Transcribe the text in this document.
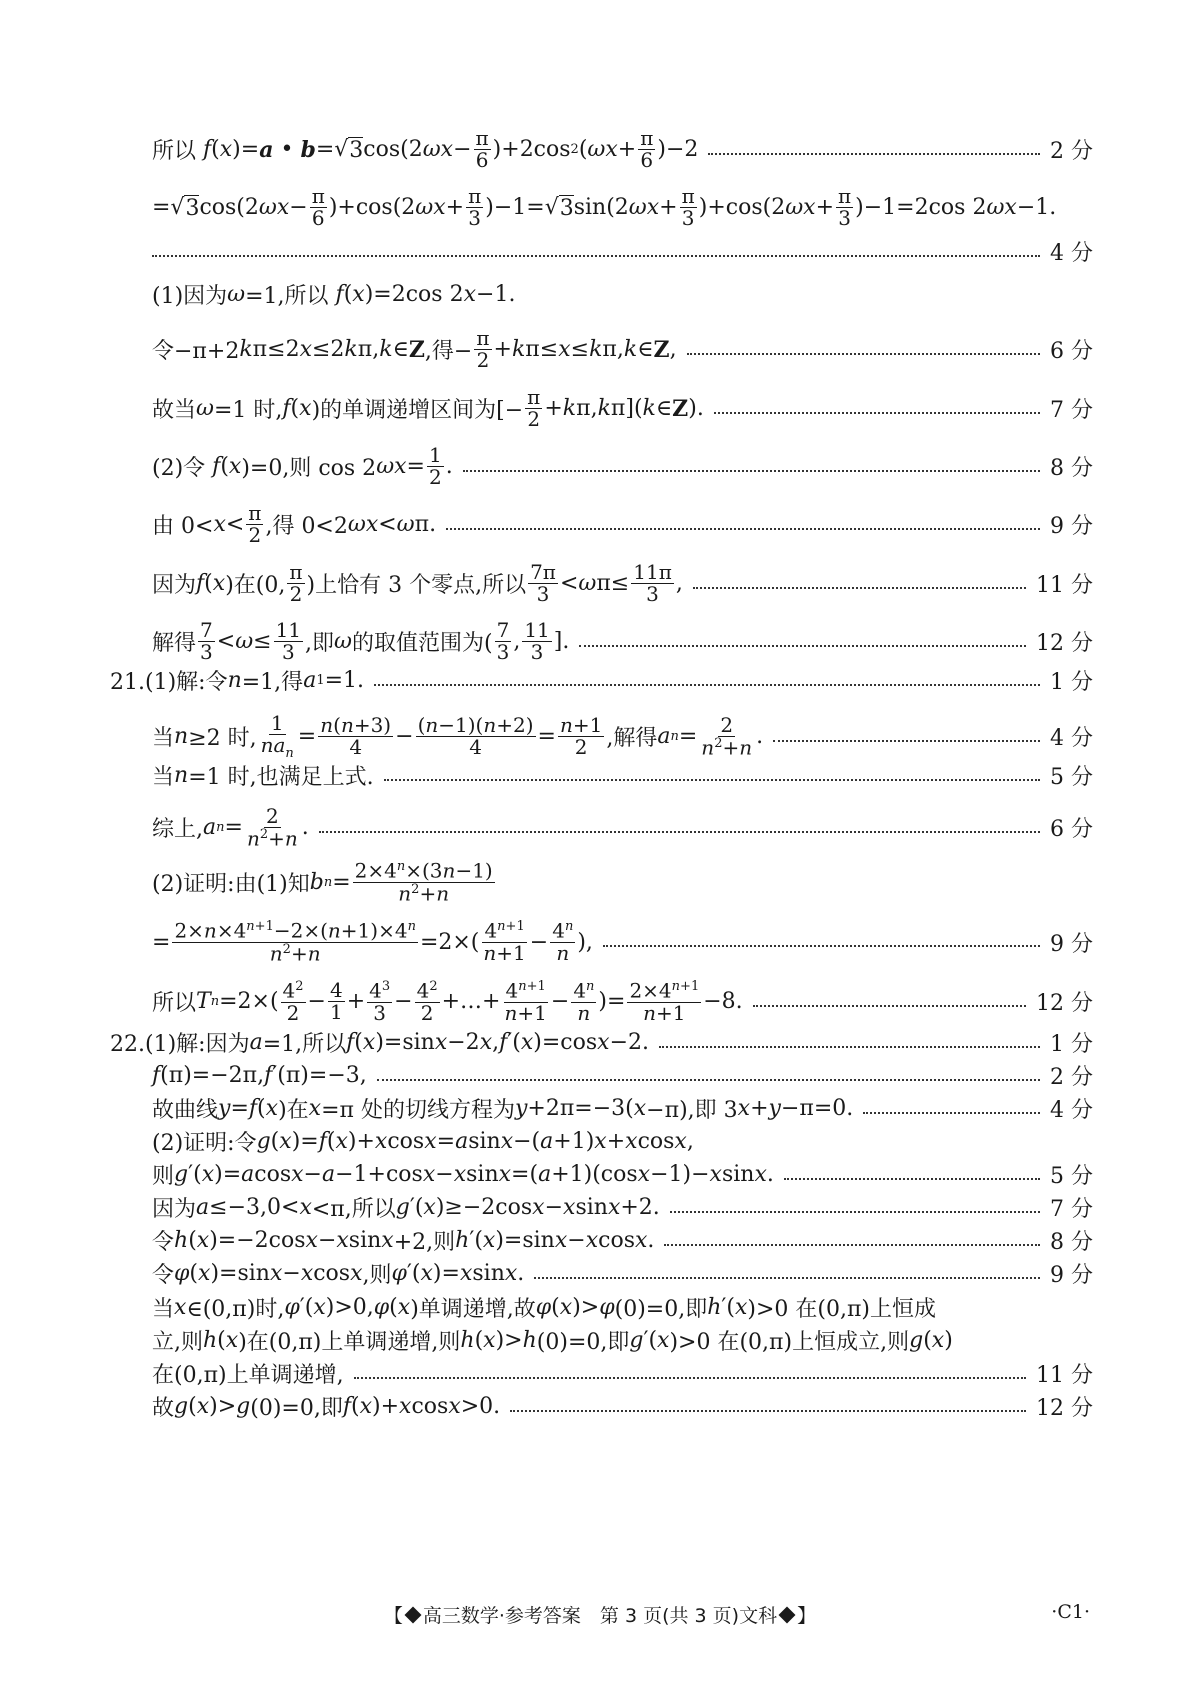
所以 f ( x )= a • b =√ 3 cos(2 $\omega x - \frac{\pi}{6} )+2\cos$ 2 ( $\omega x + \frac{\pi}{6} )-2$	2 分
=√ 3 cos(2 $\omega x - \frac{\pi}{6} )+\cos(2$ $\omega x + \frac{\pi}{3} )-1=√$ 3 sin(2 $\omega x + \frac{\pi}{3} )+\cos(2$ $\omega x + \frac{\pi}{3} )-1=2\cos$ 2 ωx −1.
4 分
(1)因为 ω =1,所以 f ( x )=2cos 2 x −1.
令−π+2 k π≤2 x ≤2 k π, k ∈ Z ,得− $\frac{\pi}{2} + k$ π≤ x ≤ k π, k ∈ Z ,	6 分
故当 ω =1 时, f ( x )的单调递增区间为[− $\frac{\pi}{2} + k$ π, k π]( k ∈ Z ).	7 分
(2)令 f ( x )=0,则 cos 2 $\omega x = \frac{1}{2}$ .	8 分
由 $0< x < \frac{\pi}{2}$ ,得 0<2 ωx < ω π.	9 分
因为 f ( x )在(0, $\frac{\pi}{2}$ )上恰有 3 个零点,所以 $\frac{7\pi}{3} < \omega$ $\pi\le \frac{11\pi}{3}$ ,	11 分
解得 $\frac{7}{3} < \omega \le \frac{11}{3}$ ,即 ω 的取值范围为( $\frac{7}{3}$ , $\frac{11}{3}$ ].	12 分
21.(1)解:令 n =1,得 a 1 =1.	1 分
当 n ≥2 时, $\frac{1}{na_n} = \frac{n(n+3)}{4} - \frac{(n-1)(n+2)}{4} = \frac{n+1}{2}$ ,解得 a $n = \frac{2}{n^2+n}$ .	4 分
当 n =1 时,也满足上式.	5 分
综上, a $n = \frac{2}{n^2+n}$ .	6 分
(2)证明:由(1)知 b $n = \frac{2\times 4^n\times(3n-1)}{n^2+n}$
= $\frac{2\times n\times 4^{n+1}-2\times(n+1)\times 4^n}{n^2+n} =2\times( \frac{4^{n+1}}{n+1} - \frac{4^n}{n}$ ),	9 分
所以 T $n =2\times( \frac{4^2}{2} - \frac{4}{1} + \frac{4^3}{3} - \frac{4^2}{2}$ +…+ $\frac{4^{n+1}}{n+1} - \frac{4^n}{n}$ )= $\frac{2\times 4^{n+1}}{n+1} -8$.	12 分
22.(1)解:因为 a =1,所以 f ( x )=sin x −2 x , f ′( x )=cos x −2.	1 分
f (π)=−2π, f ′(π)=−3,	2 分
故曲线 y = f ( x )在 x =π 处的切线方程为 y +2π=−3( x −π),即 3 x + y −π=0.	4 分
(2)证明:令 g ( x )= f ( x )+ x cos x = a sin x −( a +1) x + x cos x ,
则 g ′( x )= a cos x − a −1+cos x − x sin x =( a +1)(cos x −1)− x sin x .	5 分
因为 a ≤−3,0< x <π,所以 g ′( x )≥−2cos x − x sin x +2.	7 分
令 h ( x )=−2cos x − x sin x +2,则 h ′( x )=sin x − x cos x .	8 分
令 φ ( x )=sin x − x cos x ,则 φ ′( x )= x sin x .	9 分
当 x ∈(0,π)时, φ ′( x )>0, φ ( x )单调递增,故 φ ( x )> φ (0)=0,即 h ′( x )>0 在(0,π)上恒成
立,则 h ( x )在(0,π)上单调递增,则 h ( x )> h (0)=0,即 g ′( x )>0 在(0,π)上恒成立,则 g ( x )
在(0,π)上单调递增,	11 分
故 g ( x )> g (0)=0,即 f ( x )+ x cos x >0.	12 分
【 高三数学·参考答案　第 3 页(共 3 页)文科 】	·C1·
